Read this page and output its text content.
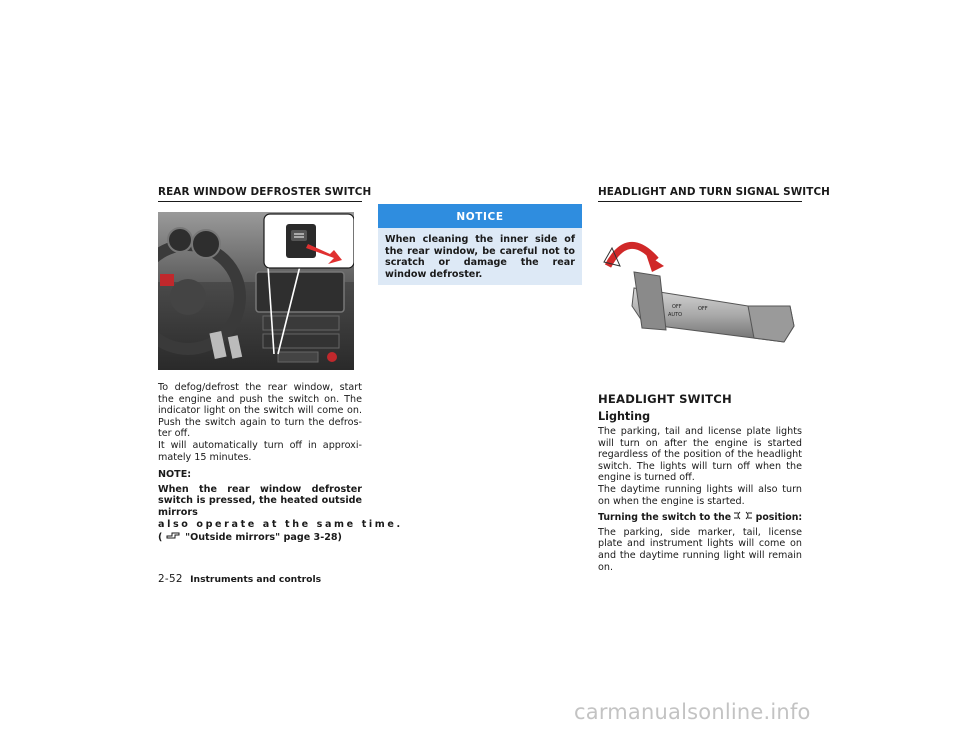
REAR WINDOW DEFROSTER SWITCH

To defog/defrost the rear window, start the engine and push the switch on. The indicator light on the switch will come on. Push the switch again to turn the defroster off.

It will automatically turn off in approximately 15 minutes.

NOTE:

When the rear window defroster switch is pressed, the heated outside mirrors

also operate at the same time.

( "Outside mirrors" page 3-28)

NOTICE
When cleaning the inner side of the rear window, be careful not to scratch or damage the rear window defroster.
HEADLIGHT AND TURN SIGNAL SWITCH
OFF
AUTO
OFF
HEADLIGHT SWITCH
Lighting

The parking, tail and license plate lights will turn on after the engine is started regardless of the position of the headlight switch. The lights will turn off when the engine is turned off.

The daytime running lights will also turn on when the engine is started.

Turning the switch to the	position:

The parking, side marker, tail, license plate and instrument lights will come on and the daytime running light will remain on.

2-52 Instruments and controls
carmanualsonline.info
